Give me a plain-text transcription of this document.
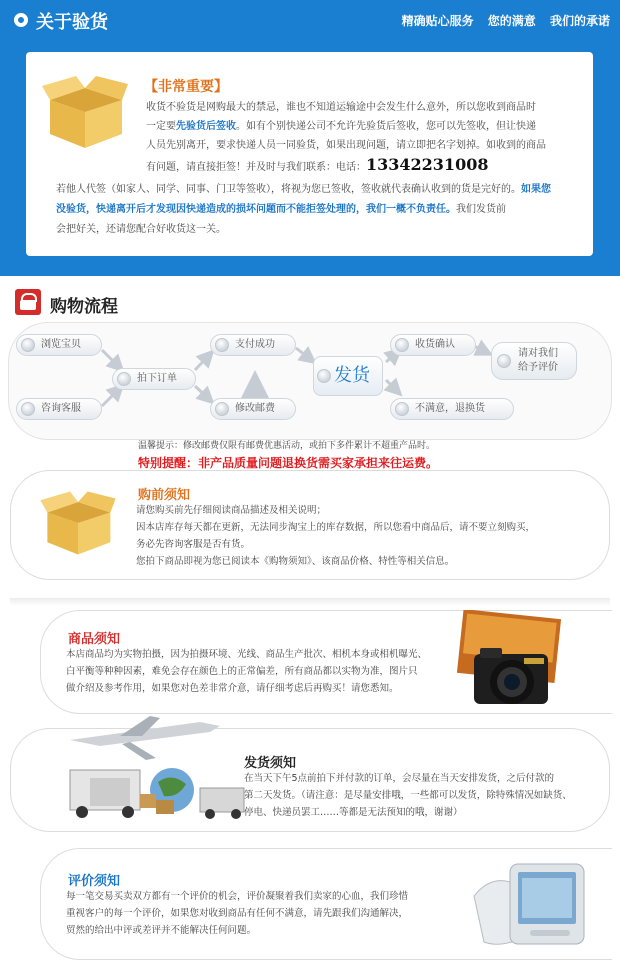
关于验货	精确贴心服务 您的满意 我们的承诺
【非常重要】
收货不验货是网购最大的禁忌，谁也不知道运输途中会发生什么意外，所以您收到商品时
一定要先验货后签收。如有个别快递公司不允许先验货后签收，您可以先签收，但让快递
人员先别离开，要求快递人员一同验货，如果出现问题，请立即把名字划掉。如收到的商品
有问题，请直接拒签！并及时与我们联系：电话：13342231008
若他人代签（如家人、同学、同事、门卫等签收），将视为您已签收，签收就代表确认收到的货是完好的。如果您
没验货，快递离开后才发现因快递造成的损坏问题而不能拒签处理的，我们一概不负责任。我们发货前
会把好关，还请您配合好收货这一关。
购物流程
浏览宝贝
咨询客服
拍下订单
支付成功
修改邮费
发货
收货确认
不满意，退换货
请对我们
给予评价
温馨提示：修改邮费仅限有邮费优惠活动，或拍下多件累计不超重产品时。
特别提醒：非产品质量问题退换货需买家承担来往运费。
购前须知
请您购买前先仔细阅读商品描述及相关说明；
因本店库存每天都在更新，无法同步淘宝上的库存数据，所以您看中商品后，请不要立刻购买，
务必先咨询客服是否有货。
您拍下商品即视为您已阅读本《购物须知》、该商品价格、特性等相关信息。
商品须知
本店商品均为实物拍摄，因为拍摄环境、光线、商品生产批次、相机本身或相机曝光、
白平衡等种种因素，难免会存在颜色上的正常偏差，所有商品都以实物为准，图片只
做介绍及参考作用，如果您对色差非常介意，请仔细考虑后再购买！请您悉知。
发货须知
在当天下午5点前拍下并付款的订单，会尽量在当天安排发货，之后付款的
第二天发货。（请注意：是尽量安排哦，一些都可以发货，除特殊情况如缺货、
停电、快递员罢工……等都是无法预知的哦，谢谢）
评价须知
每一笔交易买卖双方都有一个评价的机会，评价凝聚着我们卖家的心血，我们珍惜
重视客户的每一个评价，如果您对收到商品有任何不满意，请先跟我们沟通解决，
贸然的给出中评或差评并不能解决任何问题。
